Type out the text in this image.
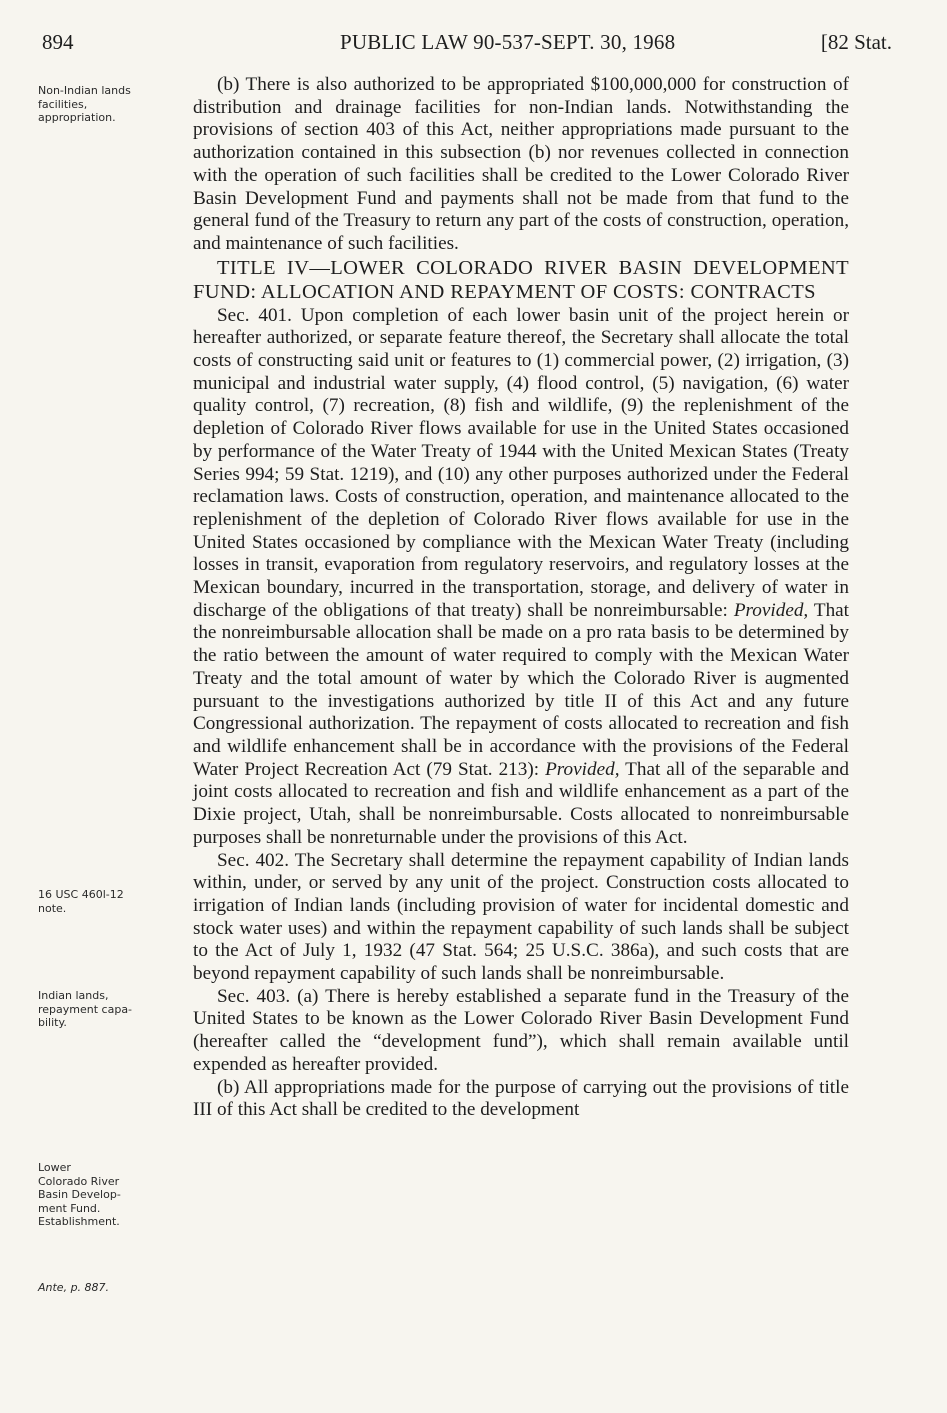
894	PUBLIC LAW 90-537-SEPT. 30, 1968	[82 Stat.
Non-Indian lands
facilities,
appropriation.
16 USC 460l-12
note.
Indian lands,
repayment capa-
bility.
Lower
Colorado River
Basin Develop-
ment Fund.
Establishment.
Ante, p. 887.

(b) There is also authorized to be appropriated $100,000,000 for construction of distribution and drainage facilities for non-Indian lands. Notwithstanding the provisions of section 403 of this Act, neither appropriations made pursuant to the authorization contained in this subsection (b) nor revenues collected in connection with the operation of such facilities shall be credited to the Lower Colorado River Basin Development Fund and payments shall not be made from that fund to the general fund of the Treasury to return any part of the costs of construction, operation, and maintenance of such facilities.

TITLE IV—LOWER COLORADO RIVER BASIN DEVELOPMENT FUND: ALLOCATION AND REPAYMENT OF COSTS: CONTRACTS

Sec. 401. Upon completion of each lower basin unit of the project herein or hereafter authorized, or separate feature thereof, the Secretary shall allocate the total costs of constructing said unit or features to (1) commercial power, (2) irrigation, (3) municipal and industrial water supply, (4) flood control, (5) navigation, (6) water quality control, (7) recreation, (8) fish and wildlife, (9) the replenishment of the depletion of Colorado River flows available for use in the United States occasioned by performance of the Water Treaty of 1944 with the United Mexican States (Treaty Series 994; 59 Stat. 1219), and (10) any other purposes authorized under the Federal reclamation laws. Costs of construction, operation, and maintenance allocated to the replenishment of the depletion of Colorado River flows available for use in the United States occasioned by compliance with the Mexican Water Treaty (including losses in transit, evaporation from regulatory reservoirs, and regulatory losses at the Mexican boundary, incurred in the transportation, storage, and delivery of water in discharge of the obligations of that treaty) shall be nonreimbursable: Provided, That the nonreimbursable allocation shall be made on a pro rata basis to be determined by the ratio between the amount of water required to comply with the Mexican Water Treaty and the total amount of water by which the Colorado River is augmented pursuant to the investigations authorized by title II of this Act and any future Congressional authorization. The repayment of costs allocated to recreation and fish and wildlife enhancement shall be in accordance with the provisions of the Federal Water Project Recreation Act (79 Stat. 213): Provided, That all of the separable and joint costs allocated to recreation and fish and wildlife enhancement as a part of the Dixie project, Utah, shall be nonreimbursable. Costs allocated to nonreimbursable purposes shall be nonreturnable under the provisions of this Act.

Sec. 402. The Secretary shall determine the repayment capability of Indian lands within, under, or served by any unit of the project. Construction costs allocated to irrigation of Indian lands (including provision of water for incidental domestic and stock water uses) and within the repayment capability of such lands shall be subject to the Act of July 1, 1932 (47 Stat. 564; 25 U.S.C. 386a), and such costs that are beyond repayment capability of such lands shall be nonreimbursable.

Sec. 403. (a) There is hereby established a separate fund in the Treasury of the United States to be known as the Lower Colorado River Basin Development Fund (hereafter called the “development fund”), which shall remain available until expended as hereafter provided.

(b) All appropriations made for the purpose of carrying out the provisions of title III of this Act shall be credited to the development
